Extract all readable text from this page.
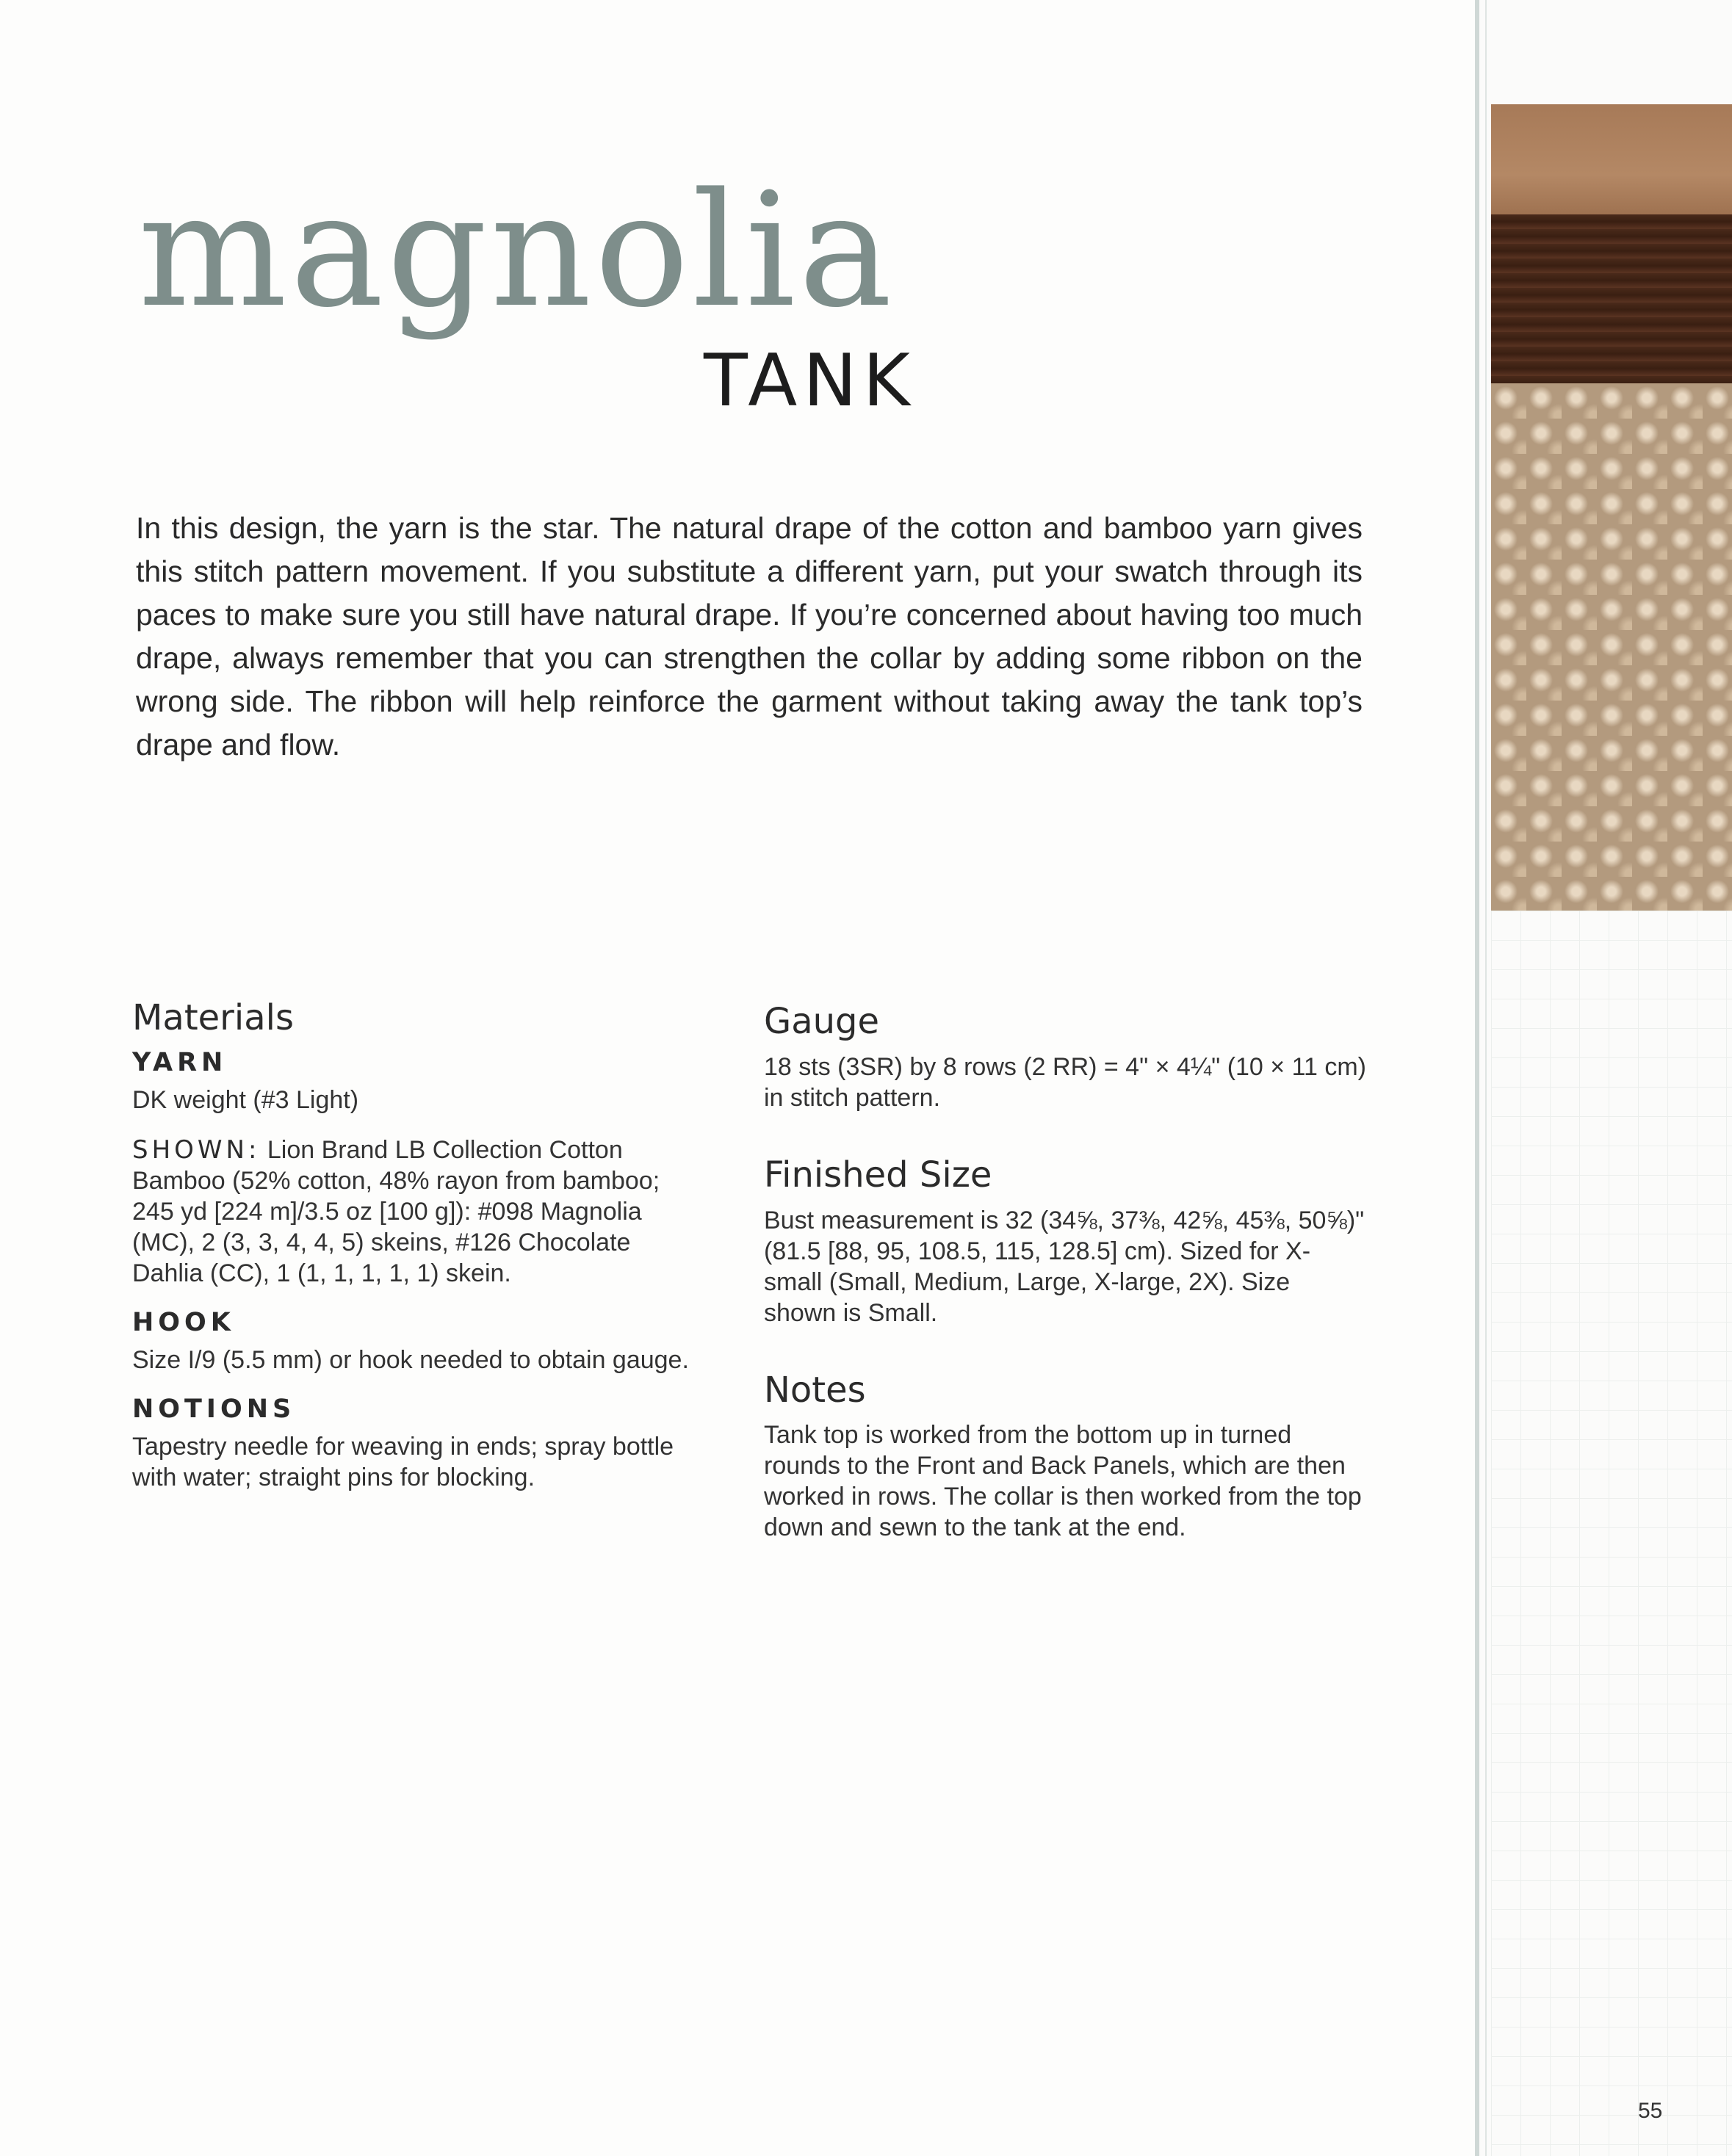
magnolia
TANK
In this design, the yarn is the star. The natural drape of the cotton and bamboo yarn gives this stitch pattern movement. If you substitute a different yarn, put your swatch through its paces to make sure you still have natural drape. If you’re concerned about having too much drape, always remember that you can strengthen the collar by adding some ribbon on the wrong side. The ribbon will help reinforce the garment without taking away the tank top’s drape and flow.
Materials
YARN
DK weight (#3 Light)
SHOWN: Lion Brand LB Collection Cotton Bamboo (52% cotton, 48% rayon from bamboo; 245 yd [224 m]/3.5 oz [100 g]): #098 Magnolia (MC), 2 (3, 3, 4, 4, 5) skeins, #126 Chocolate Dahlia (CC), 1 (1, 1, 1, 1, 1) skein.
HOOK
Size I/9 (5.5 mm) or hook needed to obtain gauge.
NOTIONS
Tapestry needle for weaving in ends; spray bottle with water; straight pins for blocking.
Gauge
18 sts (3SR) by 8 rows (2 RR) = 4" × 4¼" (10 × 11 cm) in stitch pattern.
Finished Size
Bust measurement is 32 (34⅝, 37⅜, 42⅝, 45⅜, 50⅝)" (81.5 [88, 95, 108.5, 115, 128.5] cm). Sized for X-small (Small, Medium, Large, X-large, 2X). Size shown is Small.
Notes
Tank top is worked from the bottom up in turned rounds to the Front and Back Panels, which are then worked in rows. The collar is then worked from the top down and sewn to the tank at the end.
55
